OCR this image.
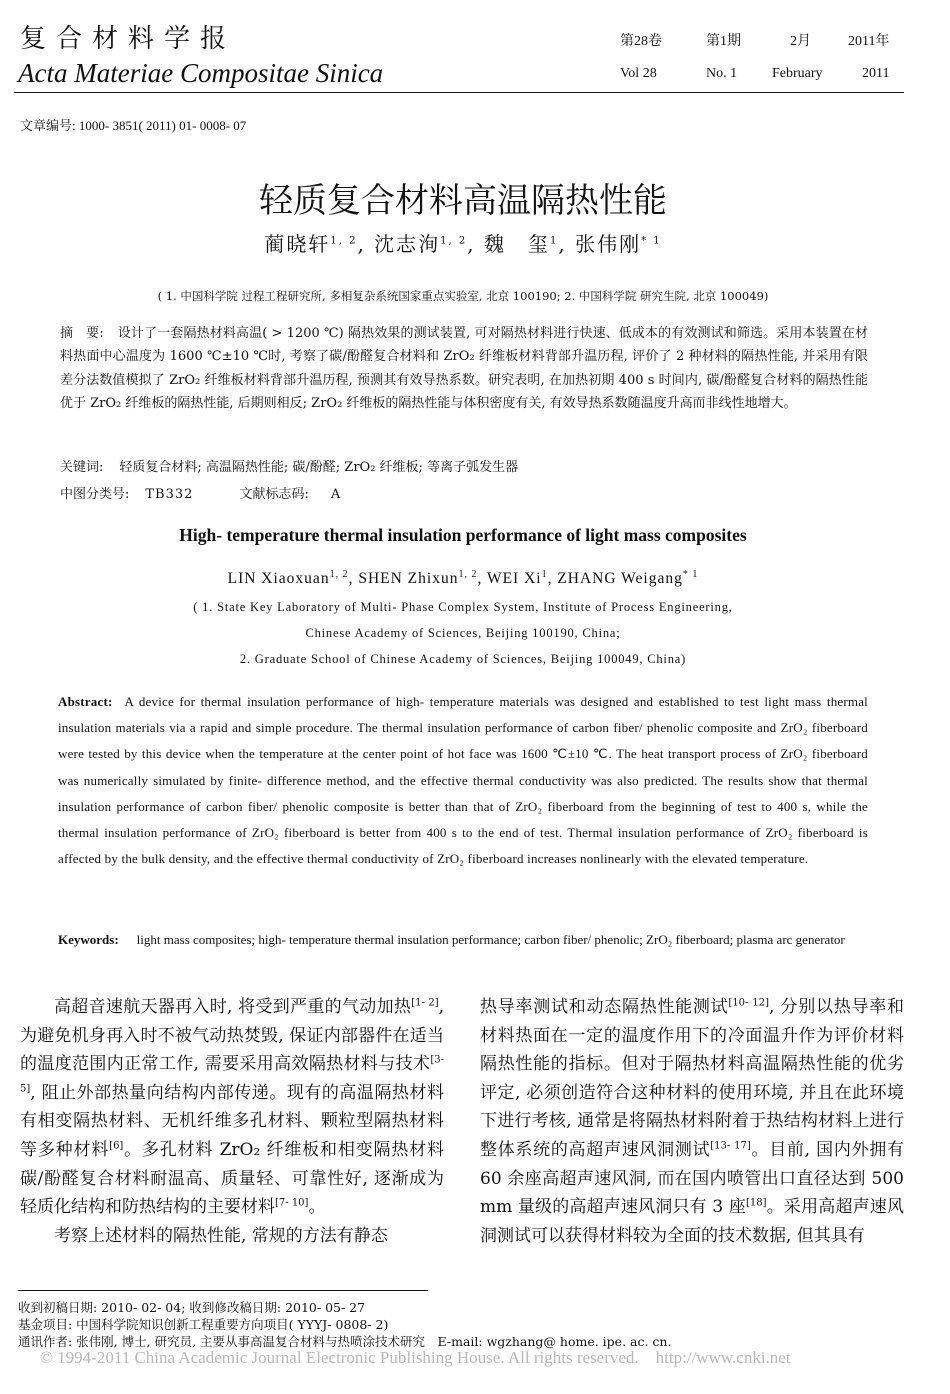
复合材料学报
Acta Materiae Compositae Sinica
第28卷	第1期	2月	2011年
Vol 28	No. 1 February	2011
文章编号: 1000- 3851( 2011) 01- 0008- 07
轻质复合材料高温隔热性能
蔺晓轩$^{1, 2}$, 沈志洵$^{1, 2}$, 魏　玺$^1$, 张伟刚$^{* 1}$
( 1. 中国科学院 过程工程研究所, 多相复杂系统国家重点实验室, 北京 100190; 2. 中国科学院 研究生院, 北京 100049)
摘　要: 设计了一套隔热材料高温( > 1200 ℃) 隔热效果的测试装置, 可对隔热材料进行快速、低成本的有效测试和筛选。采用本装置在材料热面中心温度为 1600 ℃±10 ℃时, 考察了碳/酚醛复合材料和 ZrO₂ 纤维板材料背部升温历程, 评价了 2 种材料的隔热性能, 并采用有限差分法数值模拟了 ZrO₂ 纤维板材料背部升温历程, 预测其有效导热系数。研究表明, 在加热初期 400 s 时间内, 碳/酚醛复合材料的隔热性能优于 ZrO₂ 纤维板的隔热性能, 后期则相反; ZrO₂ 纤维板的隔热性能与体积密度有关, 有效导热系数随温度升高而非线性地增大。
关键词: 轻质复合材料; 高温隔热性能; 碳/酚醛; ZrO₂ 纤维板; 等离子弧发生器
中图分类号: TB332	文献标志码: A
High- temperature thermal insulation performance of light mass composites
LIN Xiaoxuan$^{1, 2}$, SHEN Zhixun$^{1, 2}$, WEI Xi$^1$, ZHANG Weigang$^{* 1}$
( 1. State Key Laboratory of Multi- Phase Complex System, Institute of Process Engineering,
Chinese Academy of Sciences, Beijing 100190, China;
2. Graduate School of Chinese Academy of Sciences, Beijing 100049, China)
Abstract: A device for thermal insulation performance of high- temperature materials was designed and established to test light mass thermal insulation materials via a rapid and simple procedure. The thermal insulation performance of carbon fiber/ phenolic composite and ZrO₂ fiberboard were tested by this device when the temperature at the center point of hot face was 1600 ℃±10 ℃. The heat transport process of ZrO₂ fiberboard was numerically simulated by finite- difference method, and the effective thermal conductivity was also predicted. The results show that thermal insulation performance of carbon fiber/ phenolic composite is better than that of ZrO₂ fiberboard from the beginning of test to 400 s, while the thermal insulation performance of ZrO₂ fiberboard is better from 400 s to the end of test. Thermal insulation performance of ZrO₂ fiberboard is affected by the bulk density, and the effective thermal conductivity of ZrO₂ fiberboard increases nonlinearly with the elevated temperature.
Keywords: light mass composites; high- temperature thermal insulation performance; carbon fiber/ phenolic; ZrO₂ fiberboard; plasma arc generator

高超音速航天器再入时, 将受到严重的气动加热[1- 2], 为避免机身再入时不被气动热焚毁, 保证内部器件在适当的温度范围内正常工作, 需要采用高效隔热材料与技术[3- 5], 阻止外部热量向结构内部传递。现有的高温隔热材料有相变隔热材料、无机纤维多孔材料、颗粒型隔热材料等多种材料[6]。多孔材料 ZrO₂ 纤维板和相变隔热材料碳/酚醛复合材料耐温高、质量轻、可靠性好, 逐渐成为轻质化结构和防热结构的主要材料[7- 10]。

考察上述材料的隔热性能, 常规的方法有静态

热导率测试和动态隔热性能测试[10- 12], 分别以热导率和材料热面在一定的温度作用下的冷面温升作为评价材料隔热性能的指标。但对于隔热材料高温隔热性能的优劣评定, 必须创造符合这种材料的使用环境, 并且在此环境下进行考核, 通常是将隔热材料附着于热结构材料上进行整体系统的高超声速风洞测试[13- 17]。目前, 国内外拥有 60 余座高超声速风洞, 而在国内喷管出口直径达到 500 mm 量级的高超声速风洞只有 3 座[18]。采用高超声速风洞测试可以获得材料较为全面的技术数据, 但其具有

收到初稿日期: 2010- 02- 04; 收到修改稿日期: 2010- 05- 27
基金项目: 中国科学院知识创新工程重要方向项目( YYYJ- 0808- 2)
通讯作者: 张伟刚, 博士, 研究员, 主要从事高温复合材料与热喷涂技术研究　E-mail: wgzhang@ home. ipe. ac. cn.
© 1994-2011 China Academic Journal Electronic Publishing House. All rights reserved.　http://www.cnki.net
